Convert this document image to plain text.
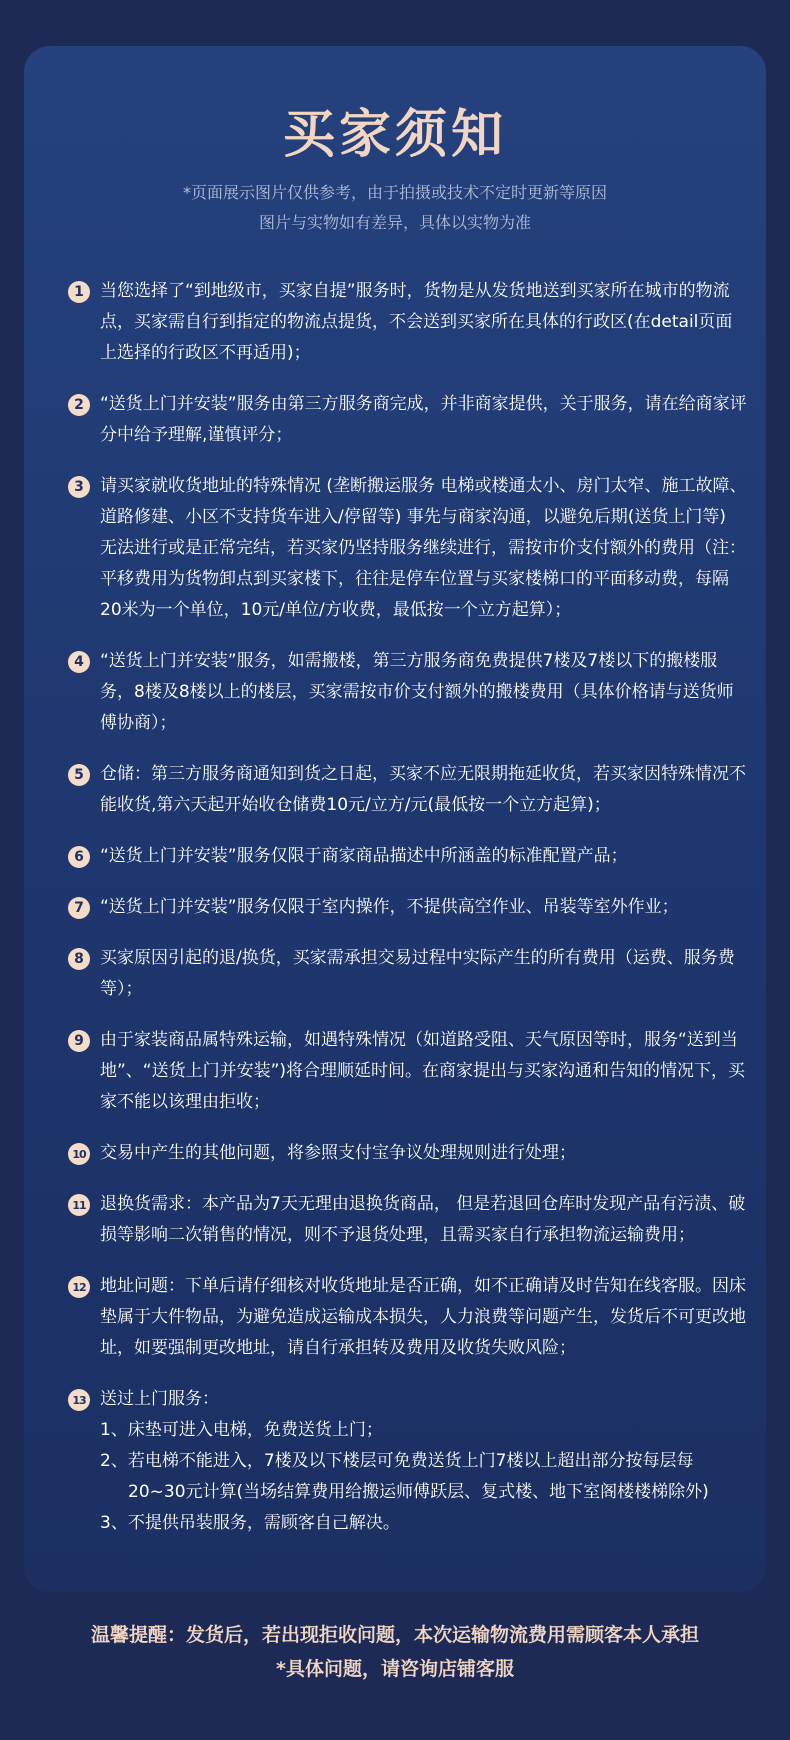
买家须知
*页面展示图片仅供参考，由于拍摄或技术不定时更新等原因
图片与实物如有差异，具体以实物为准
1 当您选择了“到地级市，买家自提”服务时，货物是从发货地送到买家所在城市的物流点，买家需自行到指定的物流点提货，不会送到买家所在具体的行政区(在detail页面上选择的行政区不再适用)；
2 “送货上门并安装”服务由第三方服务商完成，并非商家提供，关于服务，请在给商家评分中给予理解,谨慎评分；
3 请买家就收货地址的特殊情况 (垄断搬运服务 电梯或楼通太小、房门太窄、施工故障、道路修建、小区不支持货车进入/停留等) 事先与商家沟通，以避免后期(送货上门等) 无法进行或是正常完结，若买家仍坚持服务继续进行，需按市价支付额外的费用（注：平移费用为货物卸点到买家楼下，往往是停车位置与买家楼梯口的平面移动费，每隔20米为一个单位，10元/单位/方收费，最低按一个立方起算）；
4 “送货上门并安装”服务，如需搬楼，第三方服务商免费提供7楼及7楼以下的搬楼服务，8楼及8楼以上的楼层，买家需按市价支付额外的搬楼费用（具体价格请与送货师傅协商）；
5 仓储：第三方服务商通知到货之日起，买家不应无限期拖延收货，若买家因特殊情况不能收货,第六天起开始收仓储费10元/立方/元(最低按一个立方起算)；
6 “送货上门并安装”服务仅限于商家商品描述中所涵盖的标准配置产品；
7 “送货上门并安装”服务仅限于室内操作，不提供高空作业、吊装等室外作业；
8 买家原因引起的退/换货，买家需承担交易过程中实际产生的所有费用（运费、服务费等）；
9 由于家装商品属特殊运输，如遇特殊情况（如道路受阻、天气原因等时，服务“送到当地”、“送货上门并安装”)将合理顺延时间。在商家提出与买家沟通和告知的情况下，买家不能以该理由拒收；
10 交易中产生的其他问题，将参照支付宝争议处理规则进行处理；
11 退换货需求：本产品为7天无理由退换货商品， 但是若退回仓库时发现产品有污渍、破损等影响二次销售的情况，则不予退货处理，且需买家自行承担物流运输费用；
12 地址问题：下单后请仔细核对收货地址是否正确，如不正确请及时告知在线客服。因床垫属于大件物品，为避免造成运输成本损失，人力浪费等问题产生，发货后不可更改地址，如要强制更改地址，请自行承担转及费用及收货失败风险；
13 送过上门服务：
1、床垫可进入电梯，免费送货上门；
2、若电梯不能进入，7楼及以下楼层可免费送货上门7楼以上超出部分按每层每
20~30元计算(当场结算费用给搬运师傅跃层、复式楼、地下室阁楼楼梯除外)
3、不提供吊装服务，需顾客自己解决。
温馨提醒：发货后，若出现拒收问题，本次运输物流费用需顾客本人承担
*具体问题，请咨询店铺客服
